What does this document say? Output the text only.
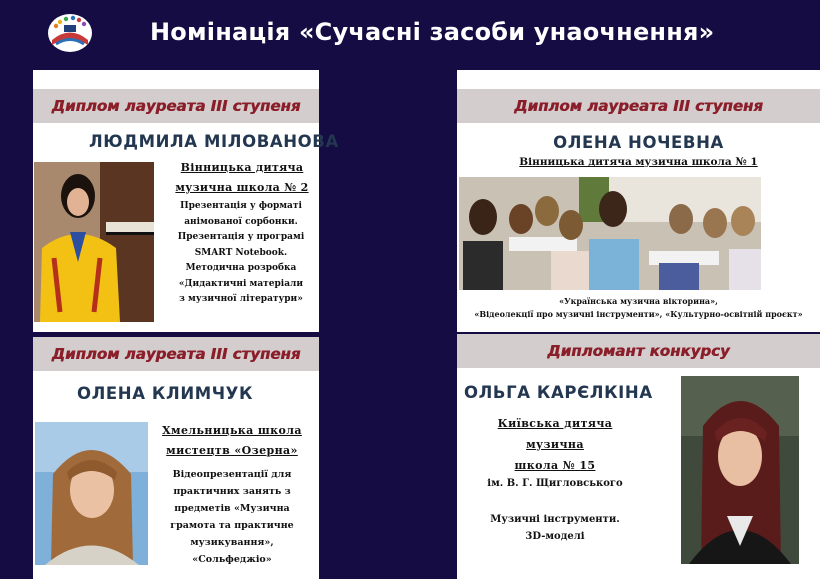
Номінація «Сучасні засоби унаочнення»
Диплом лауреата ІІІ ступеня
ЛЮДМИЛА МІЛОВАНОВА
Вінницька дитяча
музична школа № 2
Презентація у форматі
анімованої сорбонки.
Презентація у програмі
SMART Notebook.
Методична розробка
«Дидактичні матеріали
з музичної літератури»
Диплом лауреата ІІІ ступеня
ОЛЕНА КЛИМЧУК
Хмельницька школа
мистецтв «Озерна»
Відеопрезентації для
практичних занять з
предметів «Музична
грамота та практичне
музикування»,
«Сольфеджіо»
Диплом лауреата ІІІ ступеня
ОЛЕНА НОЧЕВНА
Вінницька дитяча музична школа № 1
«Українська музична вікторина»,
«Відеолекції про музичні інструменти», «Культурно-освітній проєкт»
Дипломант конкурсу
ОЛЬГА КАРЄЛКІНА
Київська дитяча
музична
школа № 15
ім. В. Г. Щигловського
Музичні інструменти.
3D-моделі
